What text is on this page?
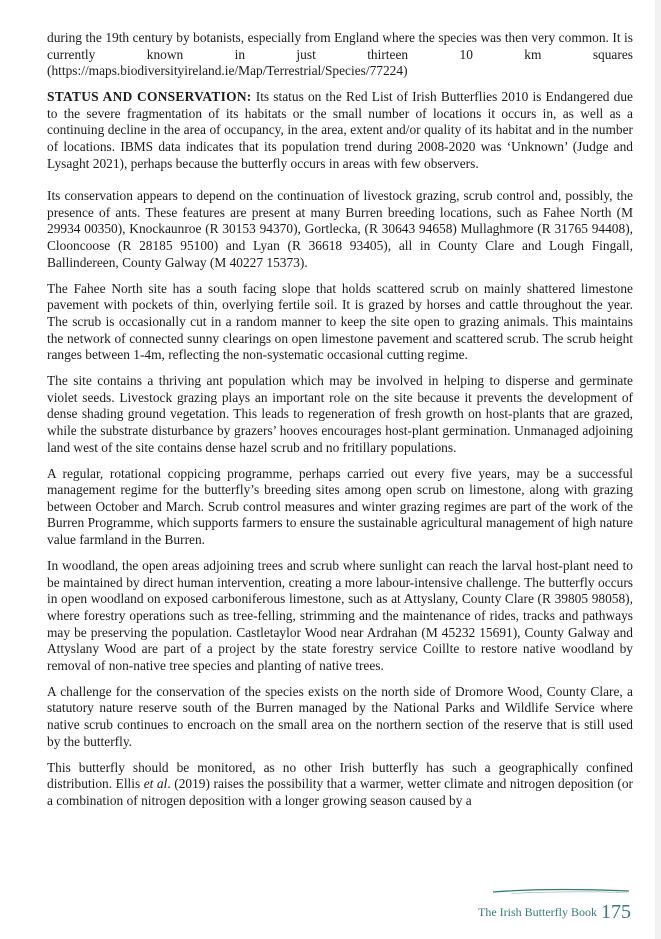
during the 19th century by botanists, especially from England where the species was then very common. It is currently known in just thirteen 10 km squares (https://maps.biodiversityireland.ie/Map/Terrestrial/Species/77224)

STATUS AND CONSERVATION: Its status on the Red List of Irish Butterflies 2010 is Endangered due to the severe fragmentation of its habitats or the small number of locations it occurs in, as well as a continuing decline in the area of occupancy, in the area, extent and/or quality of its habitat and in the number of locations. IBMS data indicates that its population trend during 2008-2020 was ‘Unknown’ (Judge and Lysaght 2021), perhaps because the butterfly occurs in areas with few observers.

Its conservation appears to depend on the continuation of livestock grazing, scrub control and, possibly, the presence of ants. These features are present at many Burren breeding locations, such as Fahee North (M 29934 00350), Knockaunroe (R 30153 94370), Gortlecka, (R 30643 94658) Mullaghmore (R 31765 94408), Clooncoose (R 28185 95100) and Lyan (R 36618 93405), all in County Clare and Lough Fingall, Ballindereen, County Galway (M 40227 15373).

The Fahee North site has a south facing slope that holds scattered scrub on mainly shattered limestone pavement with pockets of thin, overlying fertile soil. It is grazed by horses and cattle throughout the year. The scrub is occasionally cut in a random manner to keep the site open to grazing animals. This maintains the network of connected sunny clearings on open limestone pavement and scattered scrub. The scrub height ranges between 1-4m, reflecting the non-systematic occasional cutting regime.

The site contains a thriving ant population which may be involved in helping to disperse and germinate violet seeds. Livestock grazing plays an important role on the site because it prevents the development of dense shading ground vegetation. This leads to regeneration of fresh growth on host-plants that are grazed, while the substrate disturbance by grazers’ hooves encourages host-plant germination. Unmanaged adjoining land west of the site contains dense hazel scrub and no fritillary populations.

A regular, rotational coppicing programme, perhaps carried out every five years, may be a successful management regime for the butterfly’s breeding sites among open scrub on limestone, along with grazing between October and March. Scrub control measures and winter grazing regimes are part of the work of the Burren Programme, which supports farmers to ensure the sustainable agricultural management of high nature value farmland in the Burren.

In woodland, the open areas adjoining trees and scrub where sunlight can reach the larval host-plant need to be maintained by direct human intervention, creating a more labour-intensive challenge. The butterfly occurs in open woodland on exposed carboniferous limestone, such as at Attyslany, County Clare (R 39805 98058), where forestry operations such as tree-felling, strimming and the maintenance of rides, tracks and pathways may be preserving the population. Castletaylor Wood near Ardrahan (M 45232 15691), County Galway and Attyslany Wood are part of a project by the state forestry service Coillte to restore native woodland by removal of non-native tree species and planting of native trees.

A challenge for the conservation of the species exists on the north side of Dromore Wood, County Clare, a statutory nature reserve south of the Burren managed by the National Parks and Wildlife Service where native scrub continues to encroach on the small area on the northern section of the reserve that is still used by the butterfly.

This butterfly should be monitored, as no other Irish butterfly has such a geographically confined distribution. Ellis et al. (2019) raises the possibility that a warmer, wetter climate and nitrogen deposition (or a combination of nitrogen deposition with a longer growing season caused by a

The Irish Butterfly Book 175
